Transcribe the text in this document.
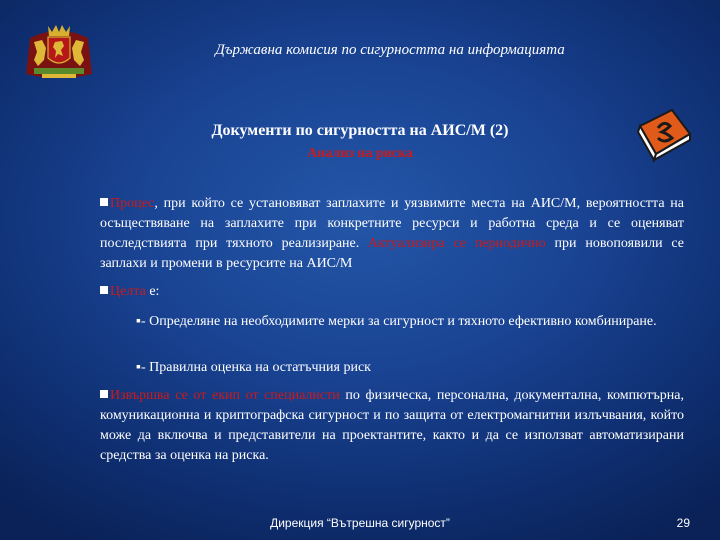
Държавна комисия по сигурността на информацията
Документи по сигурността на АИС/М (2)
Анализ на риска
Процес, при който се установяват заплахите и уязвимите места на АИС/М, вероятността на осъществяване на заплахите при конкретните ресурси и работна среда и се оценяват последствията при тяхното реализиране. Актуализира се периодично при новопоявили се заплахи и промени в ресурсите на АИС/М
Целта е:
▪- Определяне на необходимите мерки за сигурност и тяхното ефективно комбиниране.
▪- Правилна оценка на остатъчния риск
Извършва се от екип от специалисти по физическа, персонална, документална, компютърна, комуникационна и криптографска сигурност и по защита от електромагнитни излъчвания, който може да включва и представители на проектантите, както и да се използват автоматизирани средства за оценка на риска.
Дирекция “Вътрешна сигурност”	29
